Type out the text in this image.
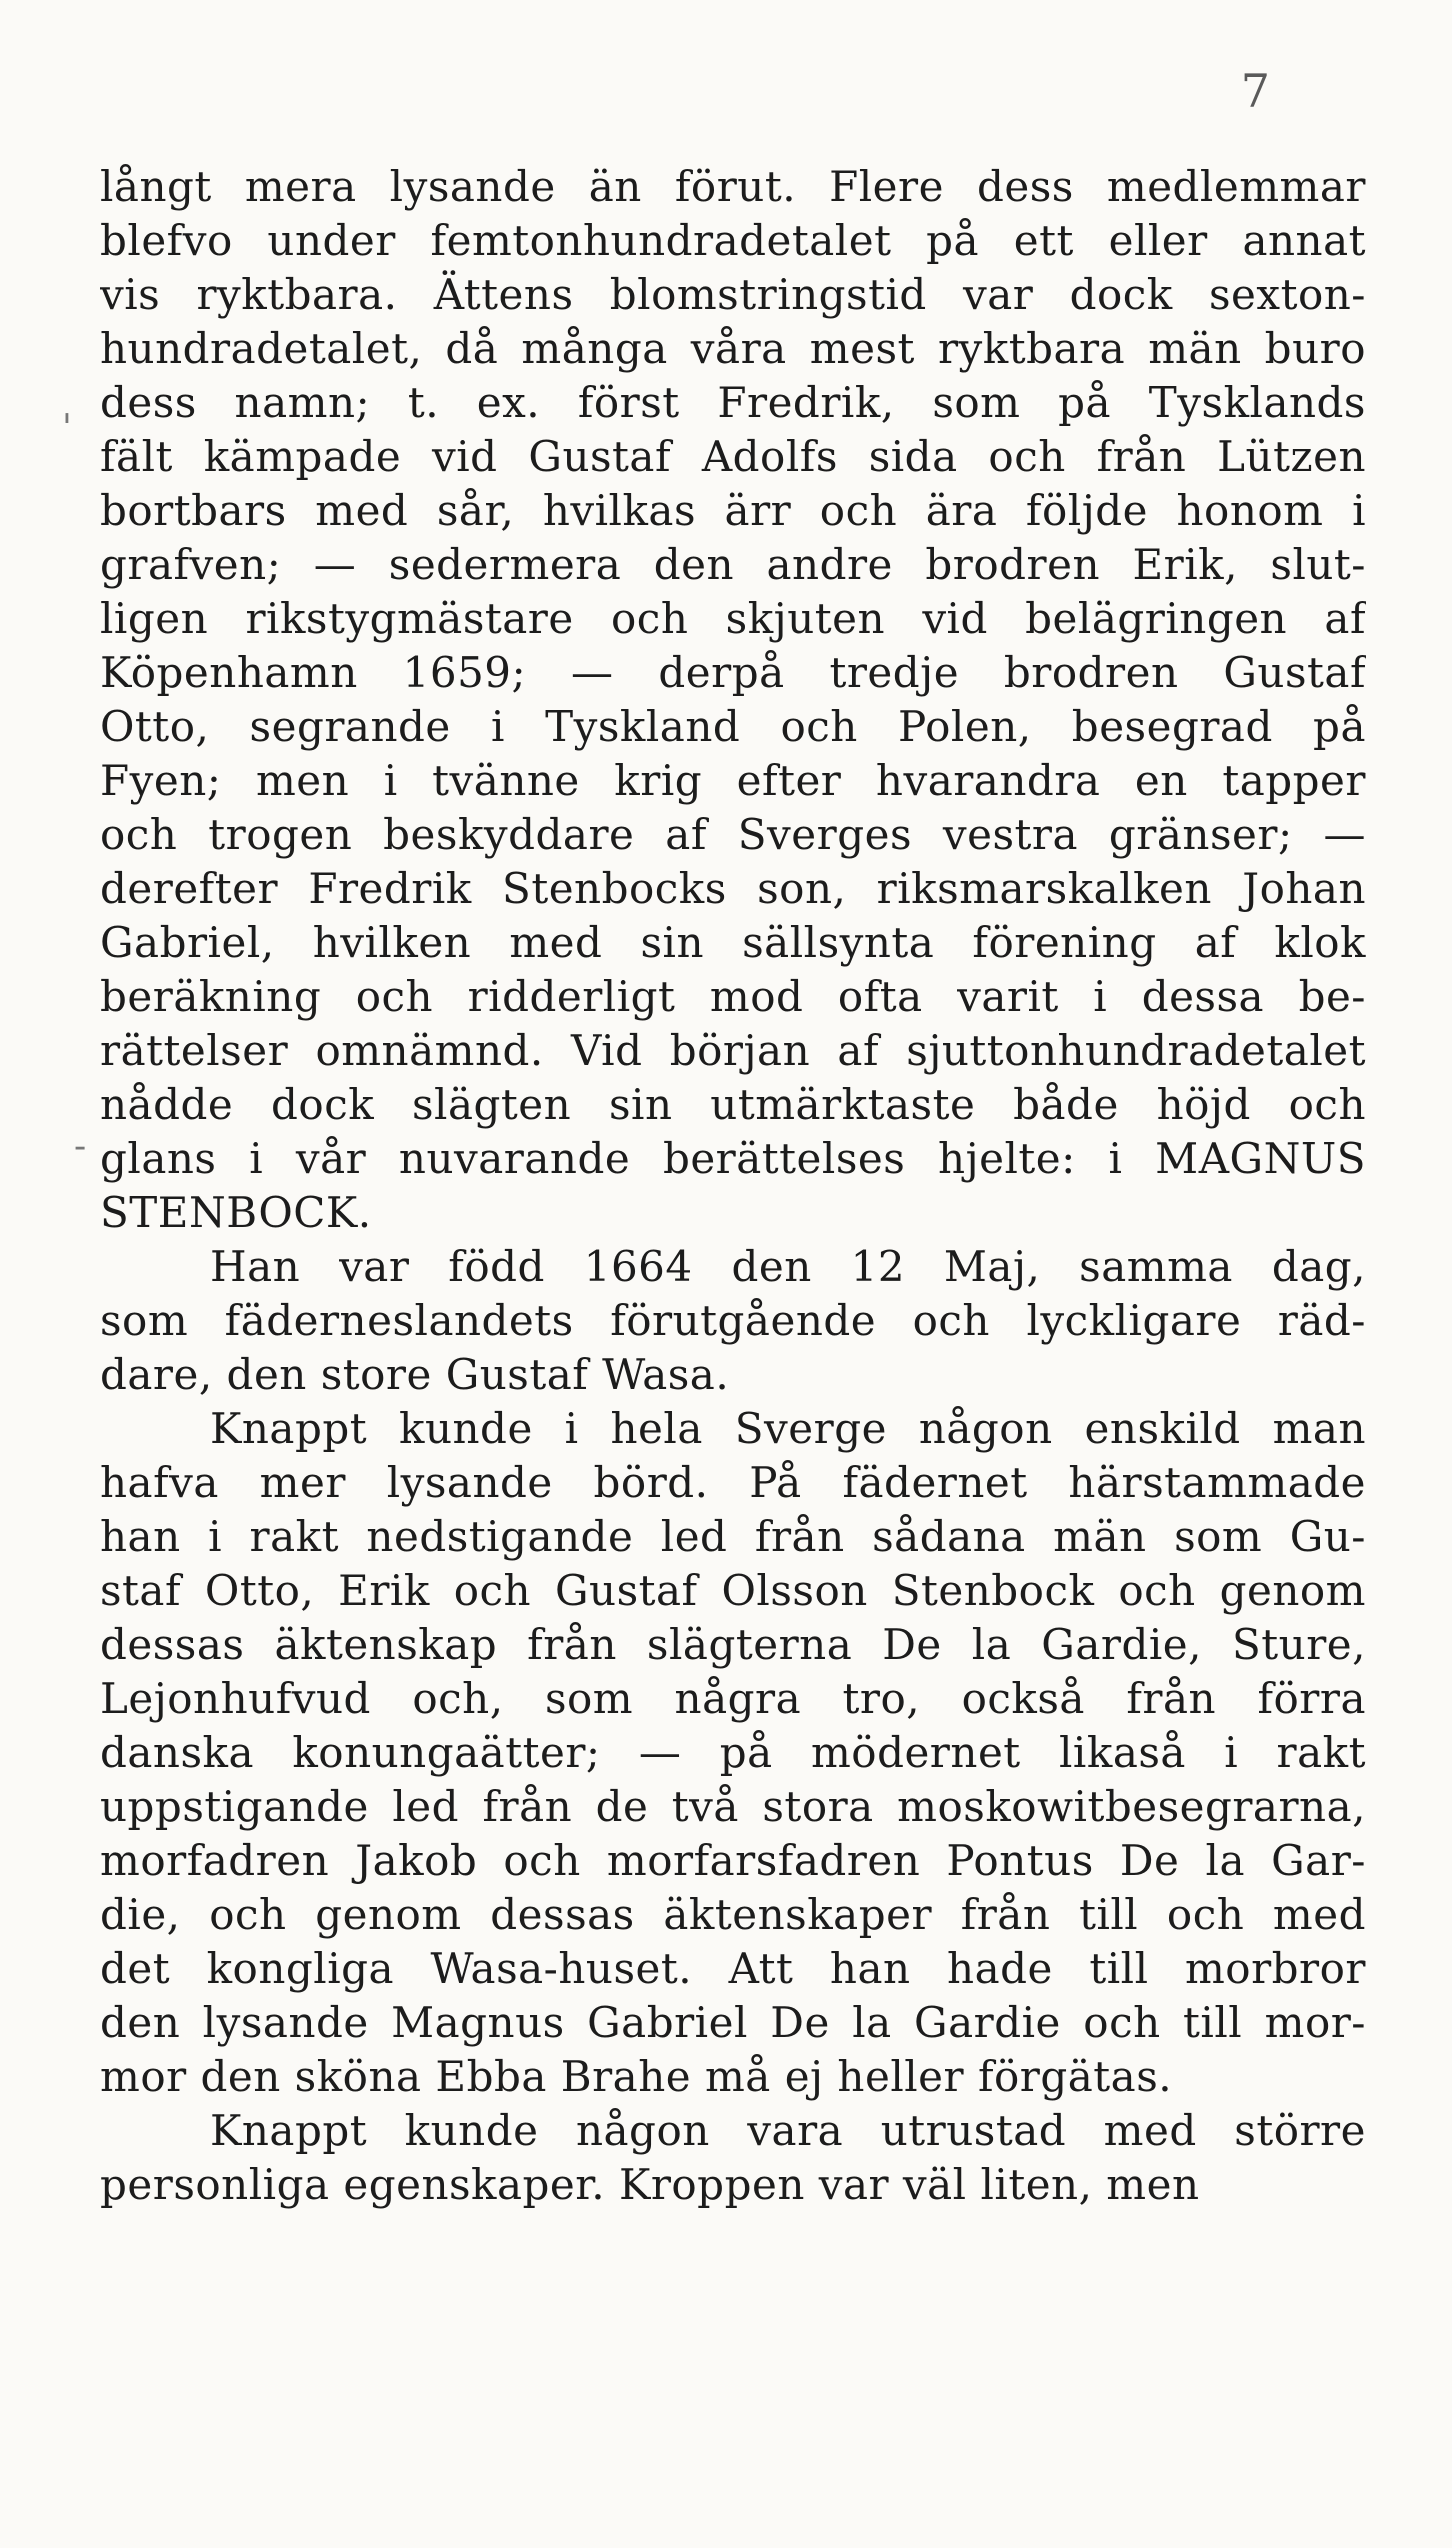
7
'
-
långt mera lysande än förut. Flere dess medlemmar
blefvo under femtonhundradetalet på ett eller annat
vis ryktbara. Ättens blomstringstid var dock sexton-
hundradetalet, då många våra mest ryktbara män buro
dess namn; t. ex. först Fredrik, som på Tysklands
fält kämpade vid Gustaf Adolfs sida och från Lützen
bortbars med sår, hvilkas ärr och ära följde honom i
grafven; — sedermera den andre brodren Erik, slut-
ligen rikstygmästare och skjuten vid belägringen af
Köpenhamn 1659; — derpå tredje brodren Gustaf
Otto, segrande i Tyskland och Polen, besegrad på
Fyen; men i tvänne krig efter hvarandra en tapper
och trogen beskyddare af Sverges vestra gränser; —
derefter Fredrik Stenbocks son, riksmarskalken Johan
Gabriel, hvilken med sin sällsynta förening af klok
beräkning och ridderligt mod ofta varit i dessa be-
rättelser omnämnd. Vid början af sjuttonhundradetalet
nådde dock slägten sin utmärktaste både höjd och
glans i vår nuvarande berättelses hjelte: i MAGNUS
STENBOCK.
Han var född 1664 den 12 Maj, samma dag,
som fäderneslandets förutgående och lyckligare räd-
dare, den store Gustaf Wasa.
Knappt kunde i hela Sverge någon enskild man
hafva mer lysande börd. På fädernet härstammade
han i rakt nedstigande led från sådana män som Gu-
staf Otto, Erik och Gustaf Olsson Stenbock och genom
dessas äktenskap från slägterna De la Gardie, Sture,
Lejonhufvud och, som några tro, också från förra
danska konungaätter; — på mödernet likaså i rakt
uppstigande led från de två stora moskowitbesegrarna,
morfadren Jakob och morfarsfadren Pontus De la Gar-
die, och genom dessas äktenskaper från till och med
det kongliga Wasa-huset. Att han hade till morbror
den lysande Magnus Gabriel De la Gardie och till mor-
mor den sköna Ebba Brahe må ej heller förgätas.
Knappt kunde någon vara utrustad med större
personliga egenskaper. Kroppen var väl liten, men
